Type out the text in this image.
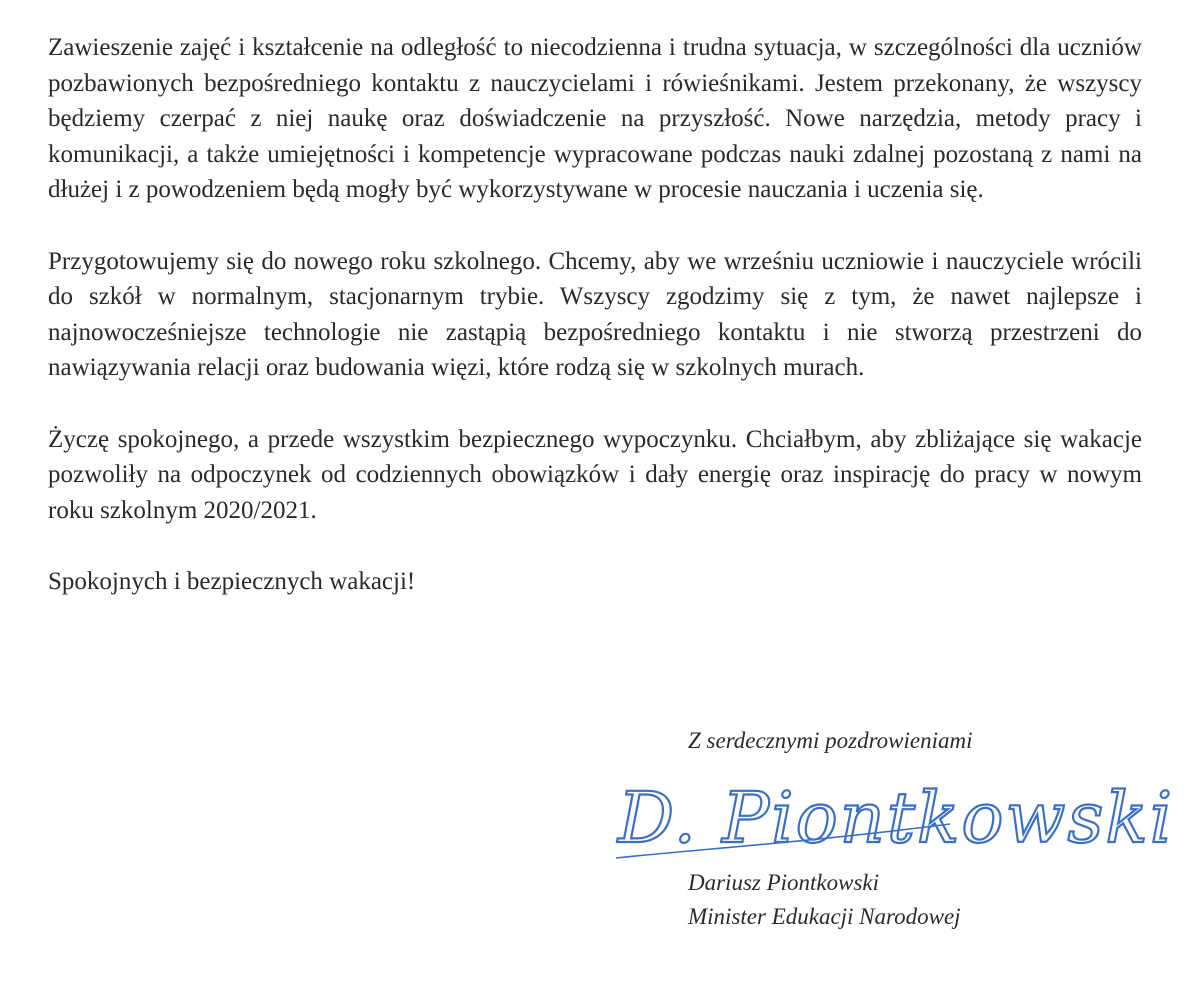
Zawieszenie zajęć i kształcenie na odległość to niecodzienna i trudna sytuacja, w szczególności dla uczniów pozbawionych bezpośredniego kontaktu z nauczycielami i rówieśnikami. Jestem przekonany, że wszyscy będziemy czerpać z niej naukę oraz doświadczenie na przyszłość. Nowe narzędzia, metody pracy i komunikacji, a także umiejętności i kompetencje wypracowane podczas nauki zdalnej pozostaną z nami na dłużej i z powodzeniem będą mogły być wykorzystywane w procesie nauczania i uczenia się.

Przygotowujemy się do nowego roku szkolnego. Chcemy, aby we wrześniu uczniowie i nauczyciele wrócili do szkół w normalnym, stacjonarnym trybie. Wszyscy zgodzimy się z tym, że nawet najlepsze i najnowocześniejsze technologie nie zastąpią bezpośredniego kontaktu i nie stworzą przestrzeni do nawiązywania relacji oraz budowania więzi, które rodzą się w szkolnych murach.

Życzę spokojnego, a przede wszystkim bezpiecznego wypoczynku. Chciałbym, aby zbliżające się wakacje pozwoliły na odpoczynek od codziennych obowiązków i dały energię oraz inspirację do pracy w nowym roku szkolnym 2020/2021.

Spokojnych i bezpiecznych wakacji!

Z serdecznymi pozdrowieniami
D. Piontkowski
Dariusz Piontkowski
Minister Edukacji Narodowej
